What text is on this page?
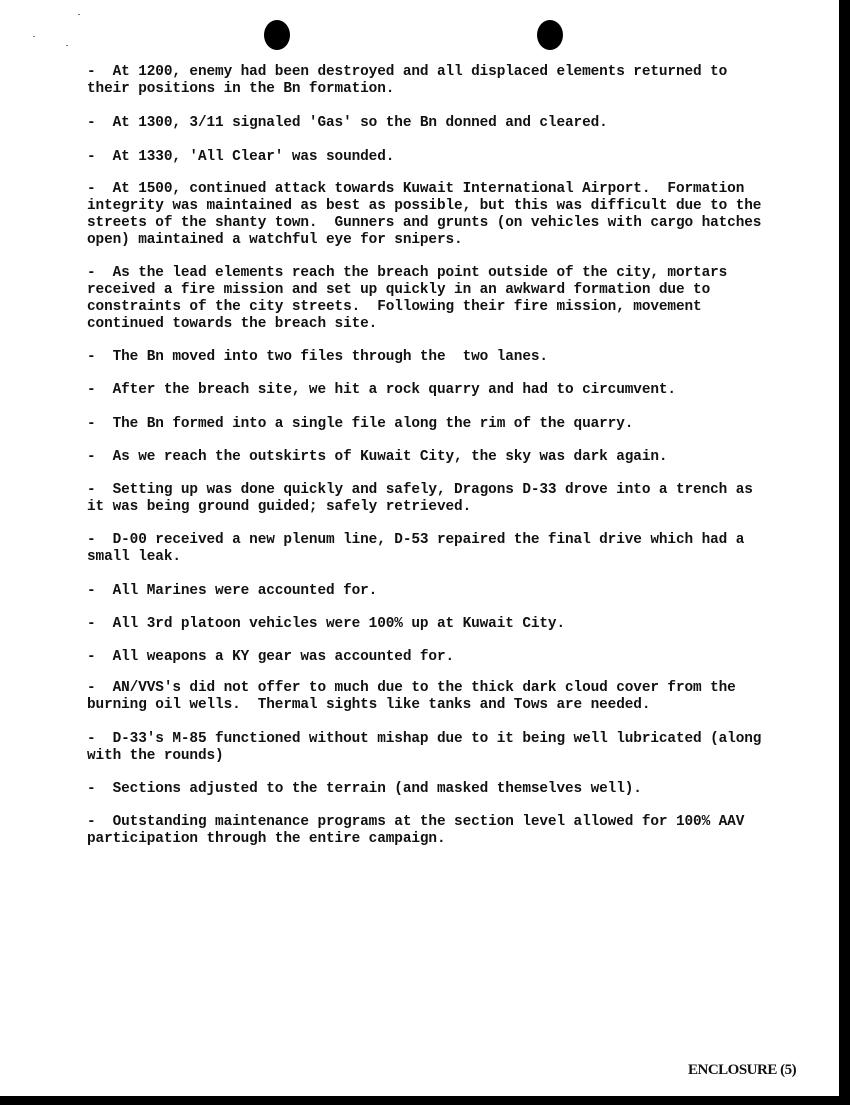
-  At 1200, enemy had been destroyed and all displaced elements returned to
their positions in the Bn formation.
-  At 1300, 3/11 signaled 'Gas' so the Bn donned and cleared.
-  At 1330, 'All Clear' was sounded.
-  At 1500, continued attack towards Kuwait International Airport.  Formation
integrity was maintained as best as possible, but this was difficult due to the
streets of the shanty town.  Gunners and grunts (on vehicles with cargo hatches
open) maintained a watchful eye for snipers.
-  As the lead elements reach the breach point outside of the city, mortars
received a fire mission and set up quickly in an awkward formation due to
constraints of the city streets.  Following their fire mission, movement
continued towards the breach site.
-  The Bn moved into two files through the  two lanes.
-  After the breach site, we hit a rock quarry and had to circumvent.
-  The Bn formed into a single file along the rim of the quarry.
-  As we reach the outskirts of Kuwait City, the sky was dark again.
-  Setting up was done quickly and safely, Dragons D-33 drove into a trench as
it was being ground guided; safely retrieved.
-  D-00 received a new plenum line, D-53 repaired the final drive which had a
small leak.
-  All Marines were accounted for.
-  All 3rd platoon vehicles were 100% up at Kuwait City.
-  All weapons a KY gear was accounted for.
-  AN/VVS's did not offer to much due to the thick dark cloud cover from the
burning oil wells.  Thermal sights like tanks and Tows are needed.
-  D-33's M-85 functioned without mishap due to it being well lubricated (along
with the rounds)
-  Sections adjusted to the terrain (and masked themselves well).
-  Outstanding maintenance programs at the section level allowed for 100% AAV
participation through the entire campaign.
ENCLOSURE (5)
